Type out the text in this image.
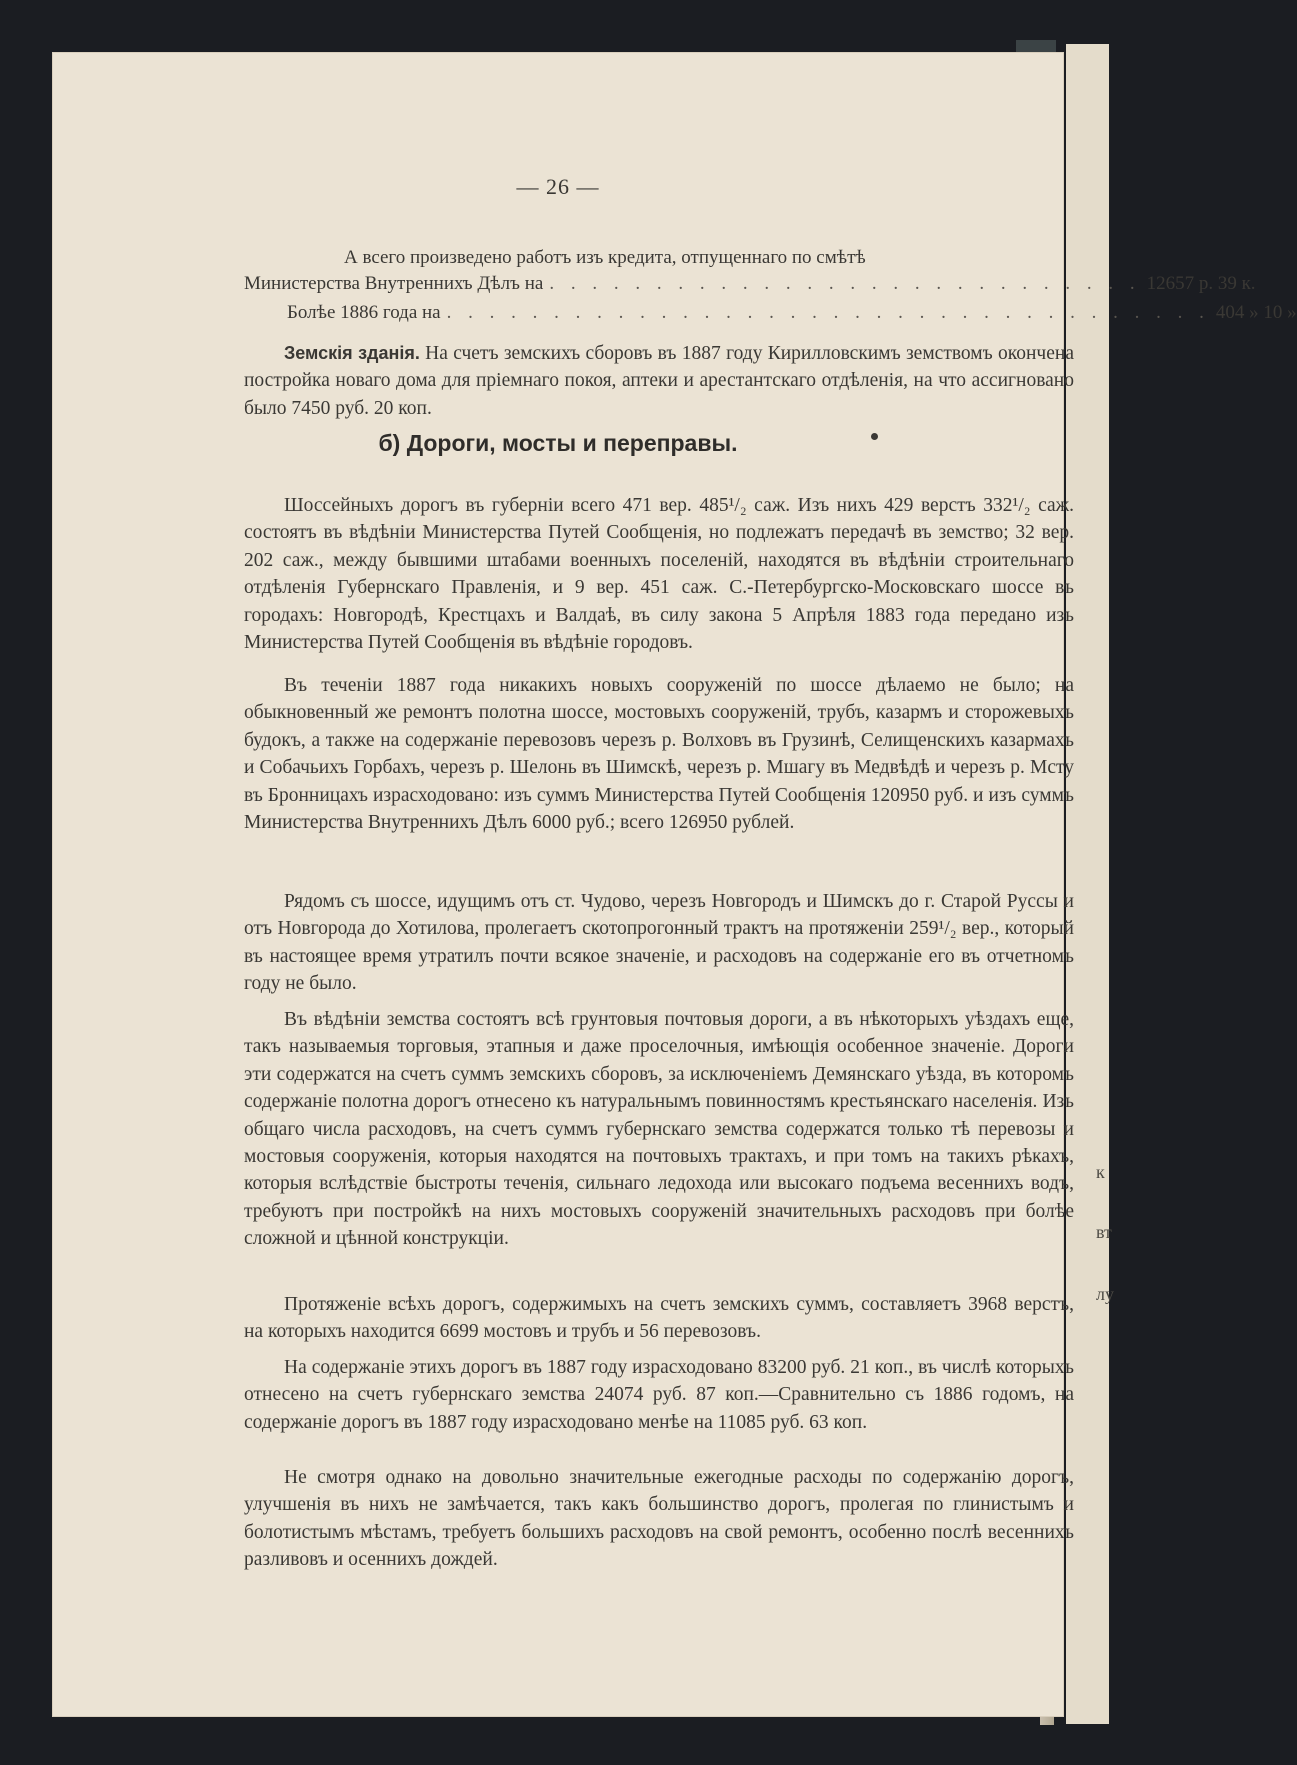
к
вт
лу
— 26 —
А всего произведено работъ изъ кредита, отпущеннаго по смѣтѣ
Министерства Внутреннихъ Дѣлъ на . . . . . . . . . . . . . . . . . . . . . . . . . . . . 12657 р. 39 к.
Болѣе 1886 года на . . . . . . . . . . . . . . . . . . . . . . . . . . . . . . . . . . . . 404 » 10 »

Земскія зданія. На счетъ земскихъ сборовъ въ 1887 году Кирилловскимъ земствомъ окончена постройка новаго дома для пріемнаго покоя, аптеки и арестантскаго отдѣленія, на что ассигновано было 7450 руб. 20 коп.

б) Дороги, мосты и переправы.

Шоссейныхъ дорогъ въ губерніи всего 471 вер. 485¹/₂ саж. Изъ нихъ 429 верстъ 332¹/₂ саж. состоятъ въ вѣдѣніи Министерства Путей Сообщенія, но подлежатъ передачѣ въ земство; 32 вер. 202 саж., между бывшими штабами военныхъ поселеній, находятся въ вѣдѣніи строительнаго отдѣленія Губернскаго Правленія, и 9 вер. 451 саж. С.-Петербургско-Московскаго шоссе въ городахъ: Новгородѣ, Крестцахъ и Валдаѣ, въ силу закона 5 Апрѣля 1883 года передано изъ Министерства Путей Сообщенія въ вѣдѣніе городовъ.

Въ теченіи 1887 года никакихъ новыхъ сооруженій по шоссе дѣлаемо не было; на обыкновенный же ремонтъ полотна шоссе, мостовыхъ сооруженій, трубъ, казармъ и сторожевыхъ будокъ, а также на содержаніе перевозовъ черезъ р. Волховъ въ Грузинѣ, Селищенскихъ казармахъ и Собачьихъ Горбахъ, черезъ р. Шелонь въ Шимскѣ, черезъ р. Мшагу въ Медвѣдѣ и черезъ р. Мсту въ Бронницахъ израсходовано: изъ суммъ Министерства Путей Сообщенія 120950 руб. и изъ суммъ Министерства Внутреннихъ Дѣлъ 6000 руб.; всего 126950 рублей.

Рядомъ съ шоссе, идущимъ отъ ст. Чудово, черезъ Новгородъ и Шимскъ до г. Старой Руссы и отъ Новгорода до Хотилова, пролегаетъ скотопрогонный трактъ на протяженіи 259¹/₂ вер., который въ настоящее время утратилъ почти всякое значеніе, и расходовъ на содержаніе его въ отчетномъ году не было.

Въ вѣдѣніи земства состоятъ всѣ грунтовыя почтовыя дороги, а въ нѣкоторыхъ уѣздахъ еще, такъ называемыя торговыя, этапныя и даже проселочныя, имѣющія особенное значеніе. Дороги эти содержатся на счетъ суммъ земскихъ сборовъ, за исключеніемъ Демянскаго уѣзда, въ которомъ содержаніе полотна дорогъ отнесено къ натуральнымъ повинностямъ крестьянскаго населенія. Изъ общаго числа расходовъ, на счетъ суммъ губернскаго земства содержатся только тѣ перевозы и мостовыя сооруженія, которыя находятся на почтовыхъ трактахъ, и при томъ на такихъ рѣкахъ, которыя вслѣдствіе быстроты теченія, сильнаго ледохода или высокаго подъема весеннихъ водъ, требуютъ при постройкѣ на нихъ мостовыхъ сооруженій значительныхъ расходовъ при болѣе сложной и цѣнной конструкціи.

Протяженіе всѣхъ дорогъ, содержимыхъ на счетъ земскихъ суммъ, составляетъ 3968 верстъ, на которыхъ находится 6699 мостовъ и трубъ и 56 перевозовъ.

На содержаніе этихъ дорогъ въ 1887 году израсходовано 83200 руб. 21 коп., въ числѣ которыхъ отнесено на счетъ губернскаго земства 24074 руб. 87 коп.—Сравнительно съ 1886 годомъ, на содержаніе дорогъ въ 1887 году израсходовано менѣе на 11085 руб. 63 коп.

Не смотря однако на довольно значительные ежегодные расходы по содержанію дорогъ, улучшенія въ нихъ не замѣчается, такъ какъ большинство дорогъ, пролегая по глинистымъ и болотистымъ мѣстамъ, требуетъ большихъ расходовъ на свой ремонтъ, особенно послѣ весеннихъ разливовъ и осеннихъ дождей.
